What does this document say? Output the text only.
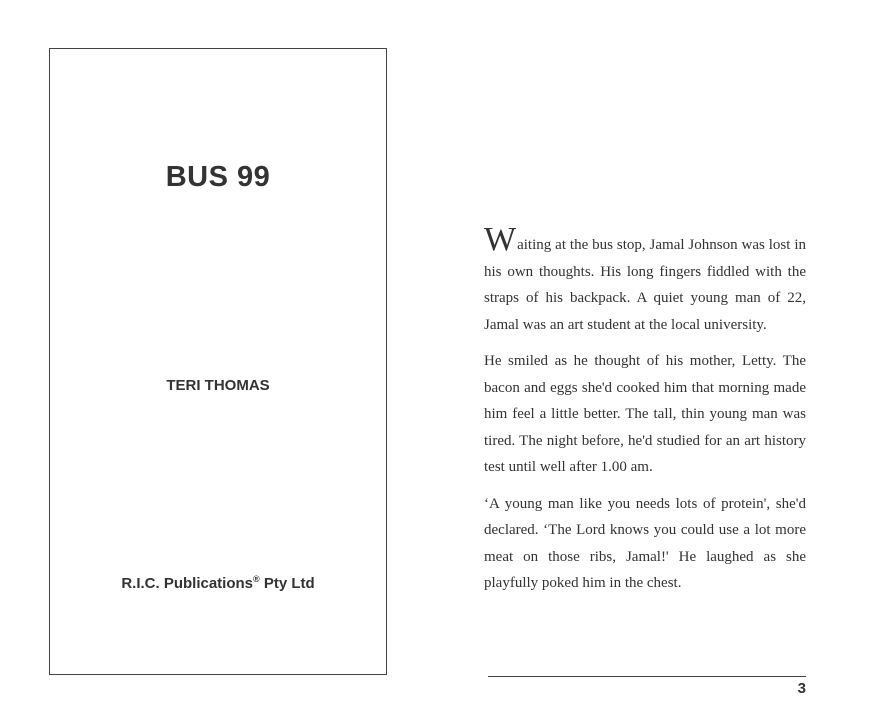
BUS 99
TERI THOMAS
R.I.C. Publications® Pty Ltd

Waiting at the bus stop, Jamal Johnson was lost in his own thoughts. His long fingers fiddled with the straps of his backpack. A quiet young man of 22, Jamal was an art student at the local university.

He smiled as he thought of his mother, Letty. The bacon and eggs she'd cooked him that morning made him feel a little better. The tall, thin young man was tired. The night before, he'd studied for an art history test until well after 1.00 am.

‘A young man like you needs lots of protein', she'd declared. ‘The Lord knows you could use a lot more meat on those ribs, Jamal!' He laughed as she playfully poked him in the chest.

3
